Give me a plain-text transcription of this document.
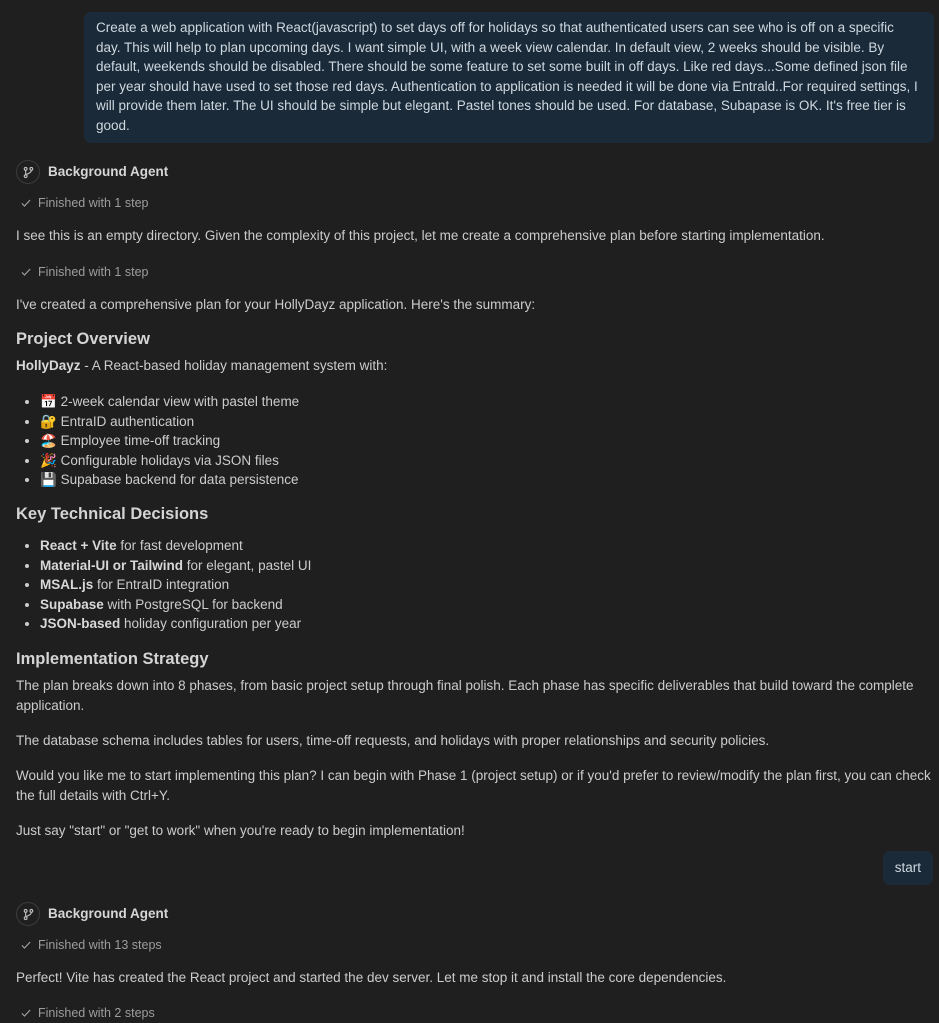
Create a web application with React(javascript) to set days off for holidays so that authenticated users can see who is off on a specific day. This will help to plan upcoming days. I want simple UI, with a week view calendar. In default view, 2 weeks should be visible. By default, weekends should be disabled. There should be some feature to set some built in off days. Like red days...Some defined json file per year should have used to set those red days. Authentication to application is needed it will be done via Entrald..For required settings, I will provide them later. The UI should be simple but elegant. Pastel tones should be used. For database, Subapase is OK. It's free tier is good.
Background Agent
Finished with 1 step
I see this is an empty directory. Given the complexity of this project, let me create a comprehensive plan before starting implementation.
Finished with 1 step
I've created a comprehensive plan for your HollyDayz application. Here's the summary:
Project Overview
HollyDayz - A React-based holiday management system with:
• 📅 2-week calendar view with pastel theme
• 🔐 EntraID authentication
• 🏖️ Employee time-off tracking
• 🎉 Configurable holidays via JSON files
• 💾 Supabase backend for data persistence
Key Technical Decisions
• React + Vite for fast development
• Material-UI or Tailwind for elegant, pastel UI
• MSAL.js for EntraID integration
• Supabase with PostgreSQL for backend
• JSON-based holiday configuration per year
Implementation Strategy
The plan breaks down into 8 phases, from basic project setup through final polish. Each phase has specific deliverables that build toward the complete application.
The database schema includes tables for users, time-off requests, and holidays with proper relationships and security policies.
Would you like me to start implementing this plan? I can begin with Phase 1 (project setup) or if you'd prefer to review/modify the plan first, you can check the full details with Ctrl+Y.
Just say "start" or "get to work" when you're ready to begin implementation!
start
Background Agent
Finished with 13 steps
Perfect! Vite has created the React project and started the dev server. Let me stop it and install the core dependencies.
Finished with 2 steps
